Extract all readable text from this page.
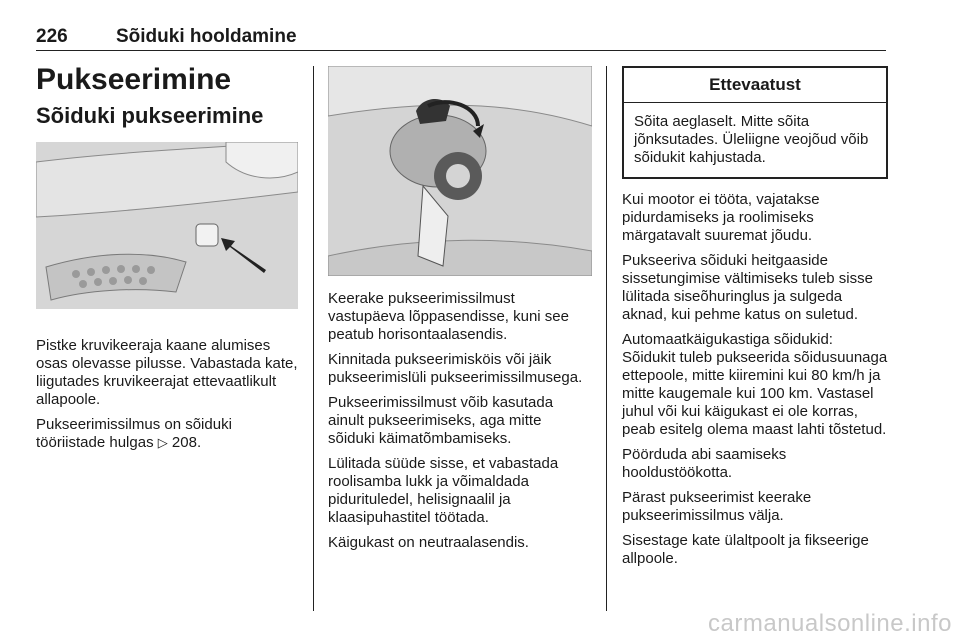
226	Sõiduki hooldamine
Pukseerimine
Sõiduki pukseerimine

Pistke kruvikeeraja kaane alumises osas olevasse pilusse. Vabastada kate, liigutades kruvikeerajat ettevaatlikult allapoole.

Pukseerimissilmus on sõiduki tööriistade hulgas ▷ 208.

Keerake pukseerimissilmust vastupäeva lõppasendisse, kuni see peatub horisontaalasendis.

Kinnitada pukseerimisköis või jäik pukseerimislüli pukseerimissilmusega.

Pukseerimissilmust võib kasutada ainult pukseerimiseks, aga mitte sõiduki käimatõmbamiseks.

Lülitada süüde sisse, et vabastada roolisamba lukk ja võimaldada pidurituledel, helisignaalil ja klaasipuhastitel töötada.

Käigukast on neutraalasendis.

Ettevaatust
Sõita aeglaselt. Mitte sõita jõnksutades. Üleliigne veojõud võib sõidukit kahjustada.

Kui mootor ei tööta, vajatakse pidurdamiseks ja roolimiseks märgatavalt suuremat jõudu.

Pukseeriva sõiduki heitgaaside sissetungimise vältimiseks tuleb sisse lülitada siseõhuringlus ja sulgeda aknad, kui pehme katus on suletud.

Automaatkäigukastiga sõidukid: Sõidukit tuleb pukseerida sõidusuunaga ettepoole, mitte kiiremini kui 80 km/h ja mitte kaugemale kui 100 km. Vastasel juhul või kui käigukast ei ole korras, peab esitelg olema maast lahti tõstetud.

Pöörduda abi saamiseks hooldustöökotta.

Pärast pukseerimist keerake pukseerimissilmus välja.

Sisestage kate ülaltpoolt ja fikseerige allpoole.

carmanualsonline.info
